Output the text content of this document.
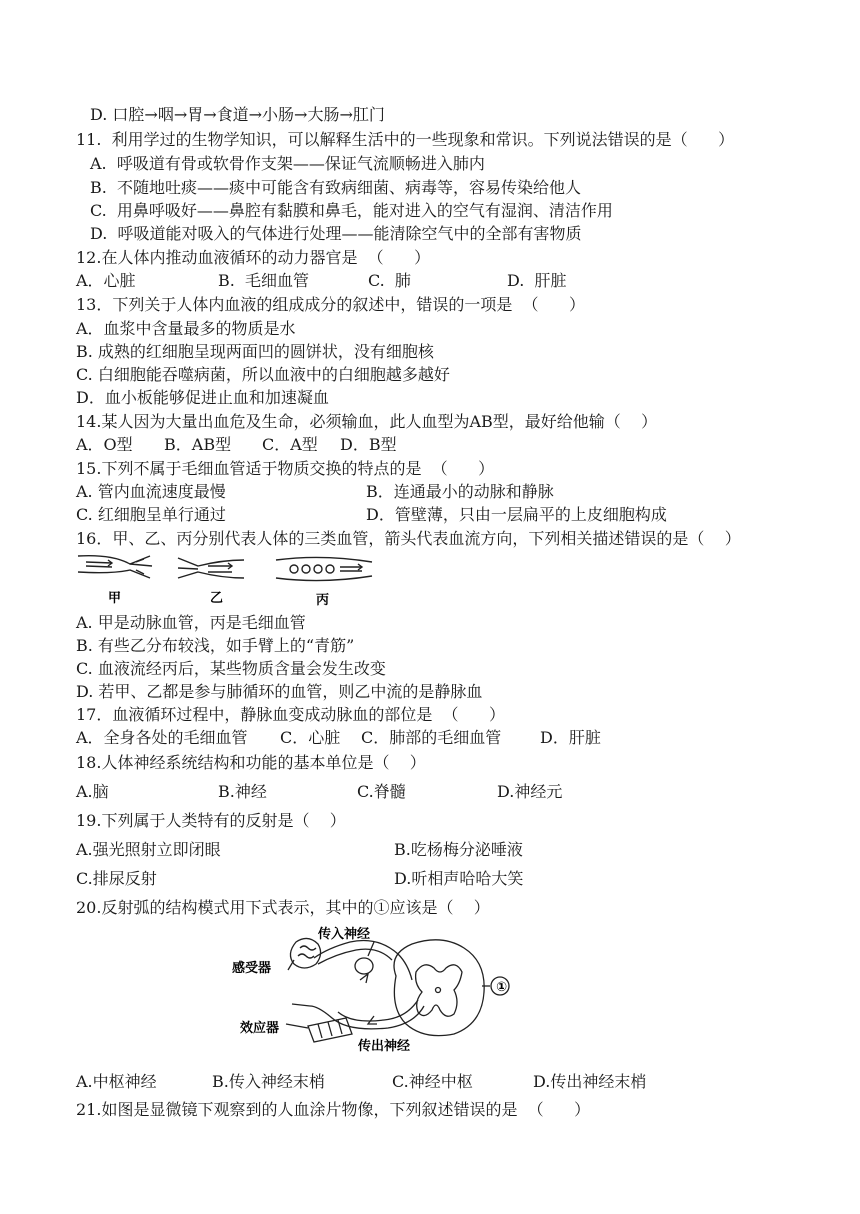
D. 口腔→咽→胃→食道→小肠→大肠→肛门
11.  利用学过的生物学知识，可以解释生活中的一些现象和常识。下列说法错误的是（      ）
A.  呼吸道有骨或软骨作支架——保证气流顺畅进入肺内
B.  不随地吐痰——痰中可能含有致病细菌、病毒等，容易传染给他人
C.  用鼻呼吸好——鼻腔有黏膜和鼻毛，能对进入的空气有湿润、清洁作用
D.  呼吸道能对吸入的气体进行处理——能清除空气中的全部有害物质
12.在人体内推动血液循环的动力器官是  （      ）
A．心脏	B.  毛细血管	C.  肺	D.  肝脏
13．下列关于人体内血液的组成成分的叙述中，错误的一项是  （      ）
A．血浆中含量最多的物质是水
B. 成熟的红细胞呈现两面凹的圆饼状，没有细胞核
C. 白细胞能吞噬病菌，所以血液中的白细胞越多越好
D．血小板能够促进止血和加速凝血
14.某人因为大量出血危及生命，必须输血，此人血型为AB型，最好给他输（    ）
A．O型 B．AB型 C．A型 D．B型
15.下列不属于毛细血管适于物质交换的特点的是  （      ）
A. 管内血流速度最慢	B．连通最小的动脉和静脉
C. 红细胞呈单行通过	D．管壁薄，只由一层扁平的上皮细胞构成
16．甲、乙、丙分别代表人体的三类血管，箭头代表血流方向，下列相关描述错误的是（    ）
甲	乙	丙
A. 甲是动脉血管，丙是毛细血管
B. 有些乙分布较浅，如手臂上的“青筋”
C. 血液流经丙后，某些物质含量会发生改变
D. 若甲、乙都是参与肺循环的血管，则乙中流的是静脉血
17．血液循环过程中，静脉血变成动脉血的部位是  （      ）
A．全身各处的毛细血管 C．心脏 C．肺部的毛细血管 D．肝脏
18.人体神经系统结构和功能的基本单位是（    ）
A.脑	B.神经	C.脊髓	D.神经元
19.下列属于人类特有的反射是（    ）
A.强光照射立即闭眼	B.吃杨梅分泌唾液
C.排尿反射	D.听相声哈哈大笑
20.反射弧的结构模式用下式表示，其中的①应该是（    ）
①
传入神经
感受器
效应器
传出神经
A.中枢神经	B.传入神经末梢	C.神经中枢	D.传出神经末梢
21.如图是显微镜下观察到的人血涂片物像，下列叙述错误的是  （      ）
